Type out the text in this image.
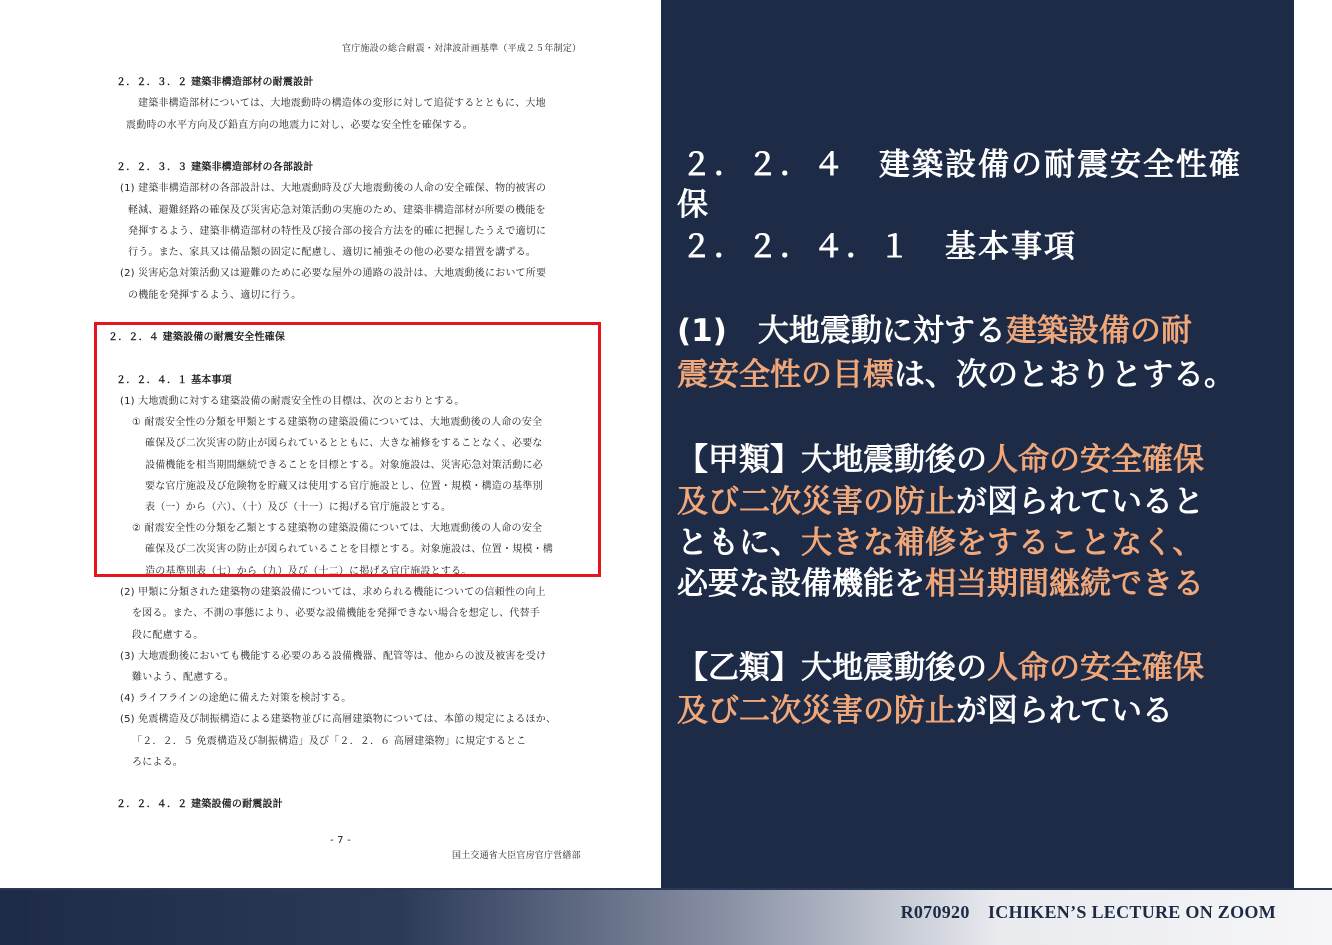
官庁施設の総合耐震・対津波計画基準（平成２５年制定）
２．２．３．２ 建築非構造部材の耐震設計
建築非構造部材については、大地震動時の構造体の変形に対して追従するとともに、大地
震動時の水平方向及び鉛直方向の地震力に対し、必要な安全性を確保する。
２．２．３．３ 建築非構造部材の各部設計
(1) 建築非構造部材の各部設計は、大地震動時及び大地震動後の人命の安全確保、物的被害の
軽減、避難経路の確保及び災害応急対策活動の実施のため、建築非構造部材が所要の機能を
発揮するよう、建築非構造部材の特性及び接合部の接合方法を的確に把握したうえで適切に
行う。また、家具又は備品類の固定に配慮し、適切に補強その他の必要な措置を講ずる。
(2) 災害応急対策活動又は避難のために必要な屋外の通路の設計は、大地震動後において所要
の機能を発揮するよう、適切に行う。
２．２．４ 建築設備の耐震安全性確保
２．２．４．１ 基本事項
(1) 大地震動に対する建築設備の耐震安全性の目標は、次のとおりとする。
① 耐震安全性の分類を甲類とする建築物の建築設備については、大地震動後の人命の安全
確保及び二次災害の防止が図られているとともに、大きな補修をすることなく、必要な
設備機能を相当期間継続できることを目標とする。対象施設は、災害応急対策活動に必
要な官庁施設及び危険物を貯蔵又は使用する官庁施設とし、位置・規模・構造の基準別
表（一）から（六）、（十）及び（十一）に掲げる官庁施設とする。
② 耐震安全性の分類を乙類とする建築物の建築設備については、大地震動後の人命の安全
確保及び二次災害の防止が図られていることを目標とする。対象施設は、位置・規模・構
造の基準別表（七）から（九）及び（十二）に掲げる官庁施設とする。
(2) 甲類に分類された建築物の建築設備については、求められる機能についての信頼性の向上
を図る。また、不測の事態により、必要な設備機能を発揮できない場合を想定し、代替手
段に配慮する。
(3) 大地震動後においても機能する必要のある設備機器、配管等は、他からの波及被害を受け
難いよう、配慮する。
(4) ライフラインの途絶に備えた対策を検討する。
(5) 免震構造及び制振構造による建築物並びに高層建築物については、本節の規定によるほか、
「２．２．５ 免震構造及び制振構造」及び「２．２．６ 高層建築物」に規定するとこ
ろによる。
２．２．４．２ 建築設備の耐震設計
- 7 -
国土交通省大臣官房官庁営繕部
２．２．４　建築設備の耐震安全性確
保
２．２．４．１　基本事項
(1)　大地震動に対する建築設備の耐
震安全性の目標は、次のとおりとする。
【甲類】大地震動後の人命の安全確保
及び二次災害の防止が図られていると
ともに、大きな補修をすることなく、
必要な設備機能を相当期間継続できる
【乙類】大地震動後の人命の安全確保
及び二次災害の防止が図られている
R070920　ICHIKEN’S LECTURE ON ZOOM
